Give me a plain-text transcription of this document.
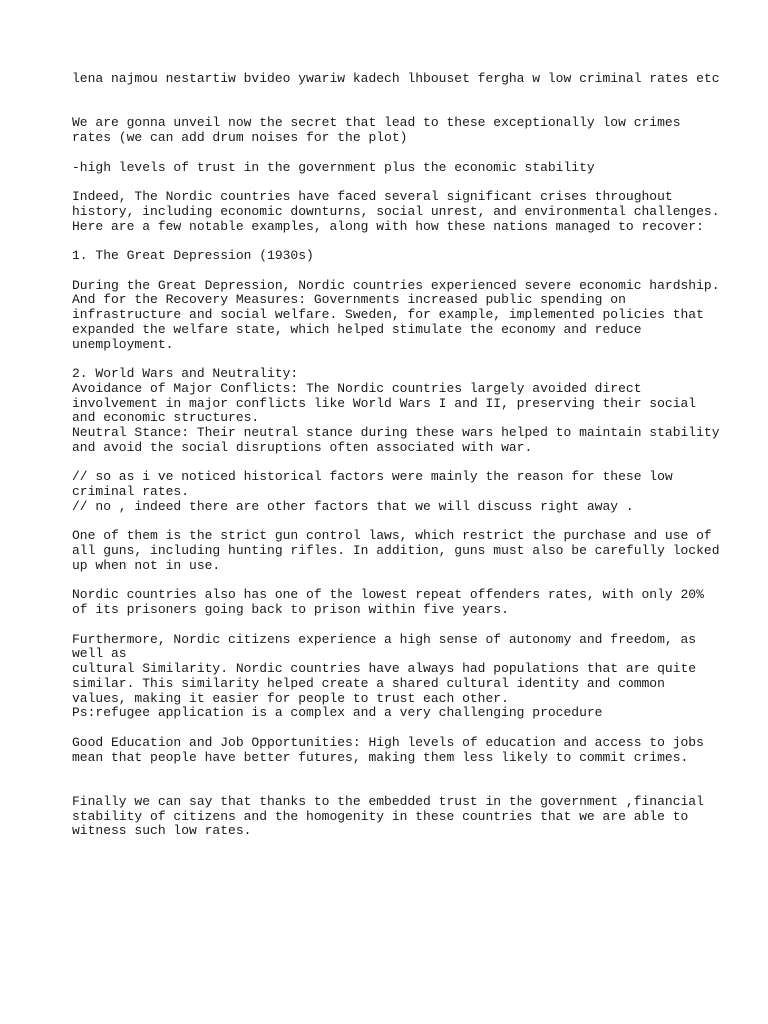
lena najmou nestartiw bvideo ywariw kadech lhbouset fergha w low criminal rates etc
We are gonna unveil now the secret that lead to these exceptionally low crimes
rates (we can add drum noises for the plot)
-high levels of trust in the government plus the economic stability
Indeed, The Nordic countries have faced several significant crises throughout
history, including economic downturns, social unrest, and environmental challenges.
Here are a few notable examples, along with how these nations managed to recover:
1. The Great Depression (1930s)
During the Great Depression, Nordic countries experienced severe economic hardship.
And for the Recovery Measures: Governments increased public spending on
infrastructure and social welfare. Sweden, for example, implemented policies that
expanded the welfare state, which helped stimulate the economy and reduce
unemployment.
2. World Wars and Neutrality:
Avoidance of Major Conflicts: The Nordic countries largely avoided direct
involvement in major conflicts like World Wars I and II, preserving their social
and economic structures.
Neutral Stance: Their neutral stance during these wars helped to maintain stability
and avoid the social disruptions often associated with war.
// so as i ve noticed historical factors were mainly the reason for these low
criminal rates.
// no , indeed there are other factors that we will discuss right away .
One of them is the strict gun control laws, which restrict the purchase and use of
all guns, including hunting rifles. In addition, guns must also be carefully locked
up when not in use.
Nordic countries also has one of the lowest repeat offenders rates, with only 20%
of its prisoners going back to prison within five years.
Furthermore, Nordic citizens experience a high sense of autonomy and freedom, as
well as
cultural Similarity. Nordic countries have always had populations that are quite
similar. This similarity helped create a shared cultural identity and common
values, making it easier for people to trust each other.
Ps:refugee application is a complex and a very challenging procedure
Good Education and Job Opportunities: High levels of education and access to jobs
mean that people have better futures, making them less likely to commit crimes.
Finally we can say that thanks to the embedded trust in the government ,financial
stability of citizens and the homogenity in these countries that we are able to
witness such low rates.
